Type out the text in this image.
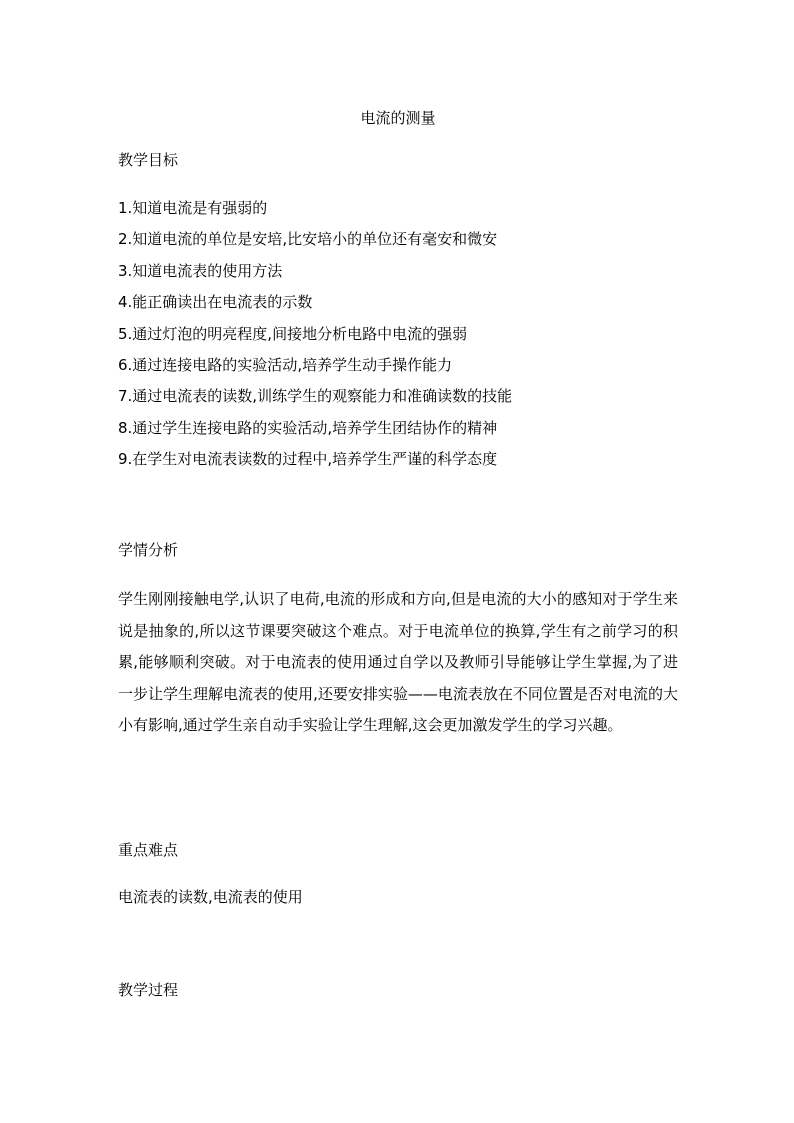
电流的测量
教学目标
1.知道电流是有强弱的
2.知道电流的单位是安培,比安培小的单位还有毫安和微安
3.知道电流表的使用方法
4.能正确读出在电流表的示数
5.通过灯泡的明亮程度,间接地分析电路中电流的强弱
6.通过连接电路的实验活动,培养学生动手操作能力
7.通过电流表的读数,训练学生的观察能力和准确读数的技能
8.通过学生连接电路的实验活动,培养学生团结协作的精神
9.在学生对电流表读数的过程中,培养学生严谨的科学态度
学情分析

学生刚刚接触电学,认识了电荷,电流的形成和方向,但是电流的大小的感知对于学生来说是抽象的,所以这节课要突破这个难点。对于电流单位的换算,学生有之前学习的积累,能够顺利突破。对于电流表的使用通过自学以及教师引导能够让学生掌握,为了进一步让学生理解电流表的使用,还要安排实验——电流表放在不同位置是否对电流的大小有影响,通过学生亲自动手实验让学生理解,这会更加激发学生的学习兴趣。

重点难点
电流表的读数,电流表的使用
教学过程
